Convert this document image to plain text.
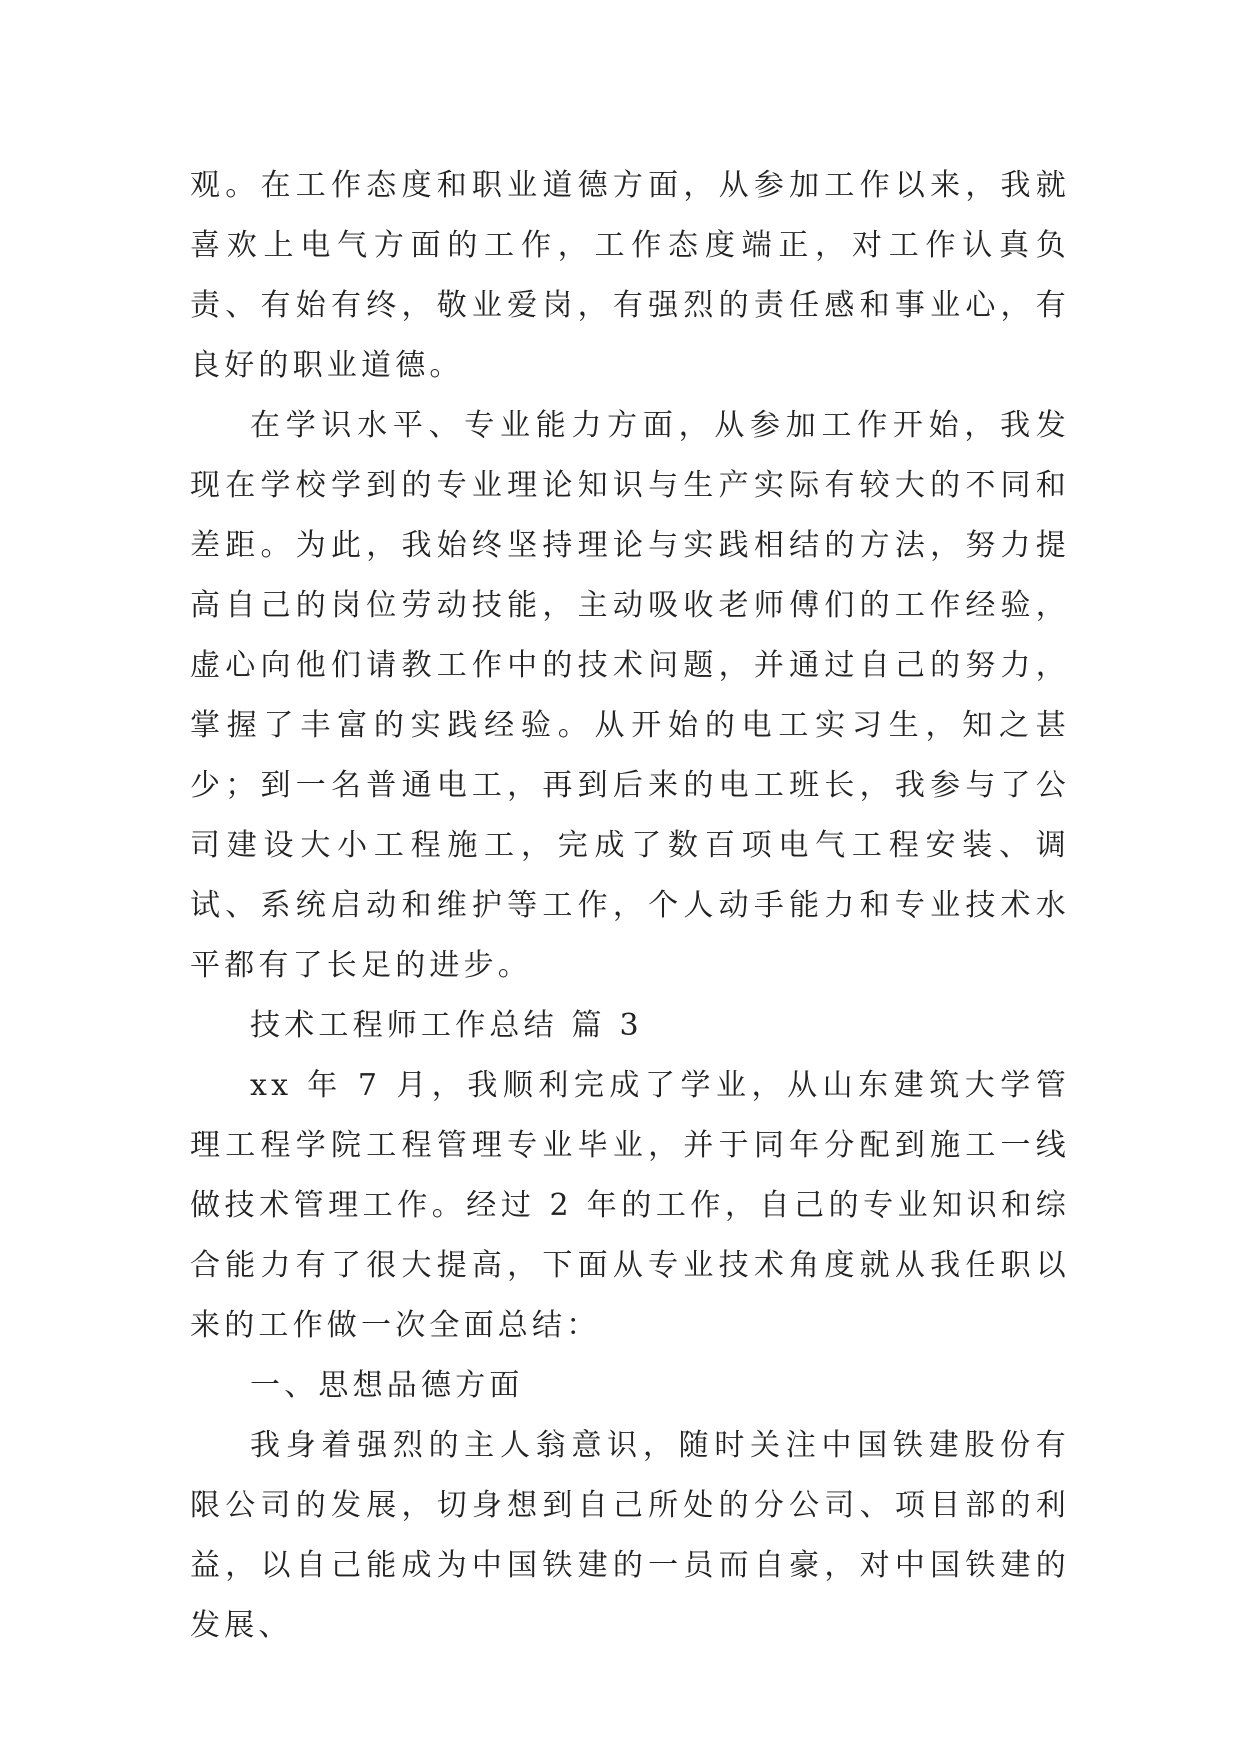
观。在工作态度和职业道德方面，从参加工作以来，我就喜欢上电气方面的工作，工作态度端正，对工作认真负责、有始有终，敬业爱岗，有强烈的责任感和事业心，有良好的职业道德。

在学识水平、专业能力方面，从参加工作开始，我发现在学校学到的专业理论知识与生产实际有较大的不同和差距。为此，我始终坚持理论与实践相结的方法，努力提高自己的岗位劳动技能，主动吸收老师傅们的工作经验，虚心向他们请教工作中的技术问题，并通过自己的努力，掌握了丰富的实践经验。从开始的电工实习生，知之甚少；到一名普通电工，再到后来的电工班长，我参与了公司建设大小工程施工，完成了数百项电气工程安装、调试、系统启动和维护等工作，个人动手能力和专业技术水平都有了长足的进步。

技术工程师工作总结 篇 3

xx 年 7 月，我顺利完成了学业，从山东建筑大学管理工程学院工程管理专业毕业，并于同年分配到施工一线做技术管理工作。经过 2 年的工作，自己的专业知识和综合能力有了很大提高，下面从专业技术角度就从我任职以来的工作做一次全面总结：

一、思想品德方面

我身着强烈的主人翁意识，随时关注中国铁建股份有限公司的发展，切身想到自己所处的分公司、项目部的利益，以自己能成为中国铁建的一员而自豪，对中国铁建的发展、
